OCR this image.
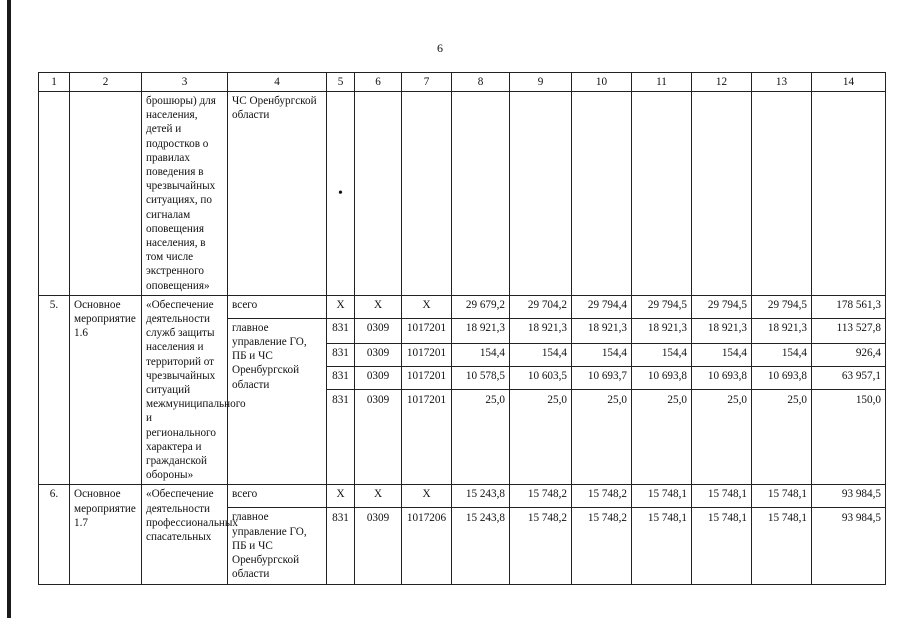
6
1	2	3	4	5	6	7	8	9	10	11	12	13	14
		брошюры) для населения, детей и подростков о правилах поведения в чрезвычайных ситуациях, по сигналам оповещения населения, в том числе экстренного оповещения»	ЧС Оренбургской области										
5.	Основное мероприятие 1.6	«Обеспечение деятельности служб защиты населения и территорий от чрезвычайных ситуаций межмуниципального и регионального характера и гражданской обороны»	всего	X	X	X	29 679,2	29 704,2	29 794,4	29 794,5	29 794,5	29 794,5	178 561,3
			главное управление ГО, ПБ и ЧС Оренбургской области	831	0309	1017201	18 921,3	18 921,3	18 921,3	18 921,3	18 921,3	18 921,3	113 527,8
				831	0309	1017201	154,4	154,4	154,4	154,4	154,4	154,4	926,4
				831	0309	1017201	10 578,5	10 603,5	10 693,7	10 693,8	10 693,8	10 693,8	63 957,1
				831	0309	1017201	25,0	25,0	25,0	25,0	25,0	25,0	150,0
6.	Основное мероприятие 1.7	«Обеспечение деятельности профессиональных спасательных	всего	X	X	X	15 243,8	15 748,2	15 748,2	15 748,1	15 748,1	15 748,1	93 984,5
			главное управление ГО, ПБ и ЧС Оренбургской области	831	0309	1017206	15 243,8	15 748,2	15 748,2	15 748,1	15 748,1	15 748,1	93 984,5
•
